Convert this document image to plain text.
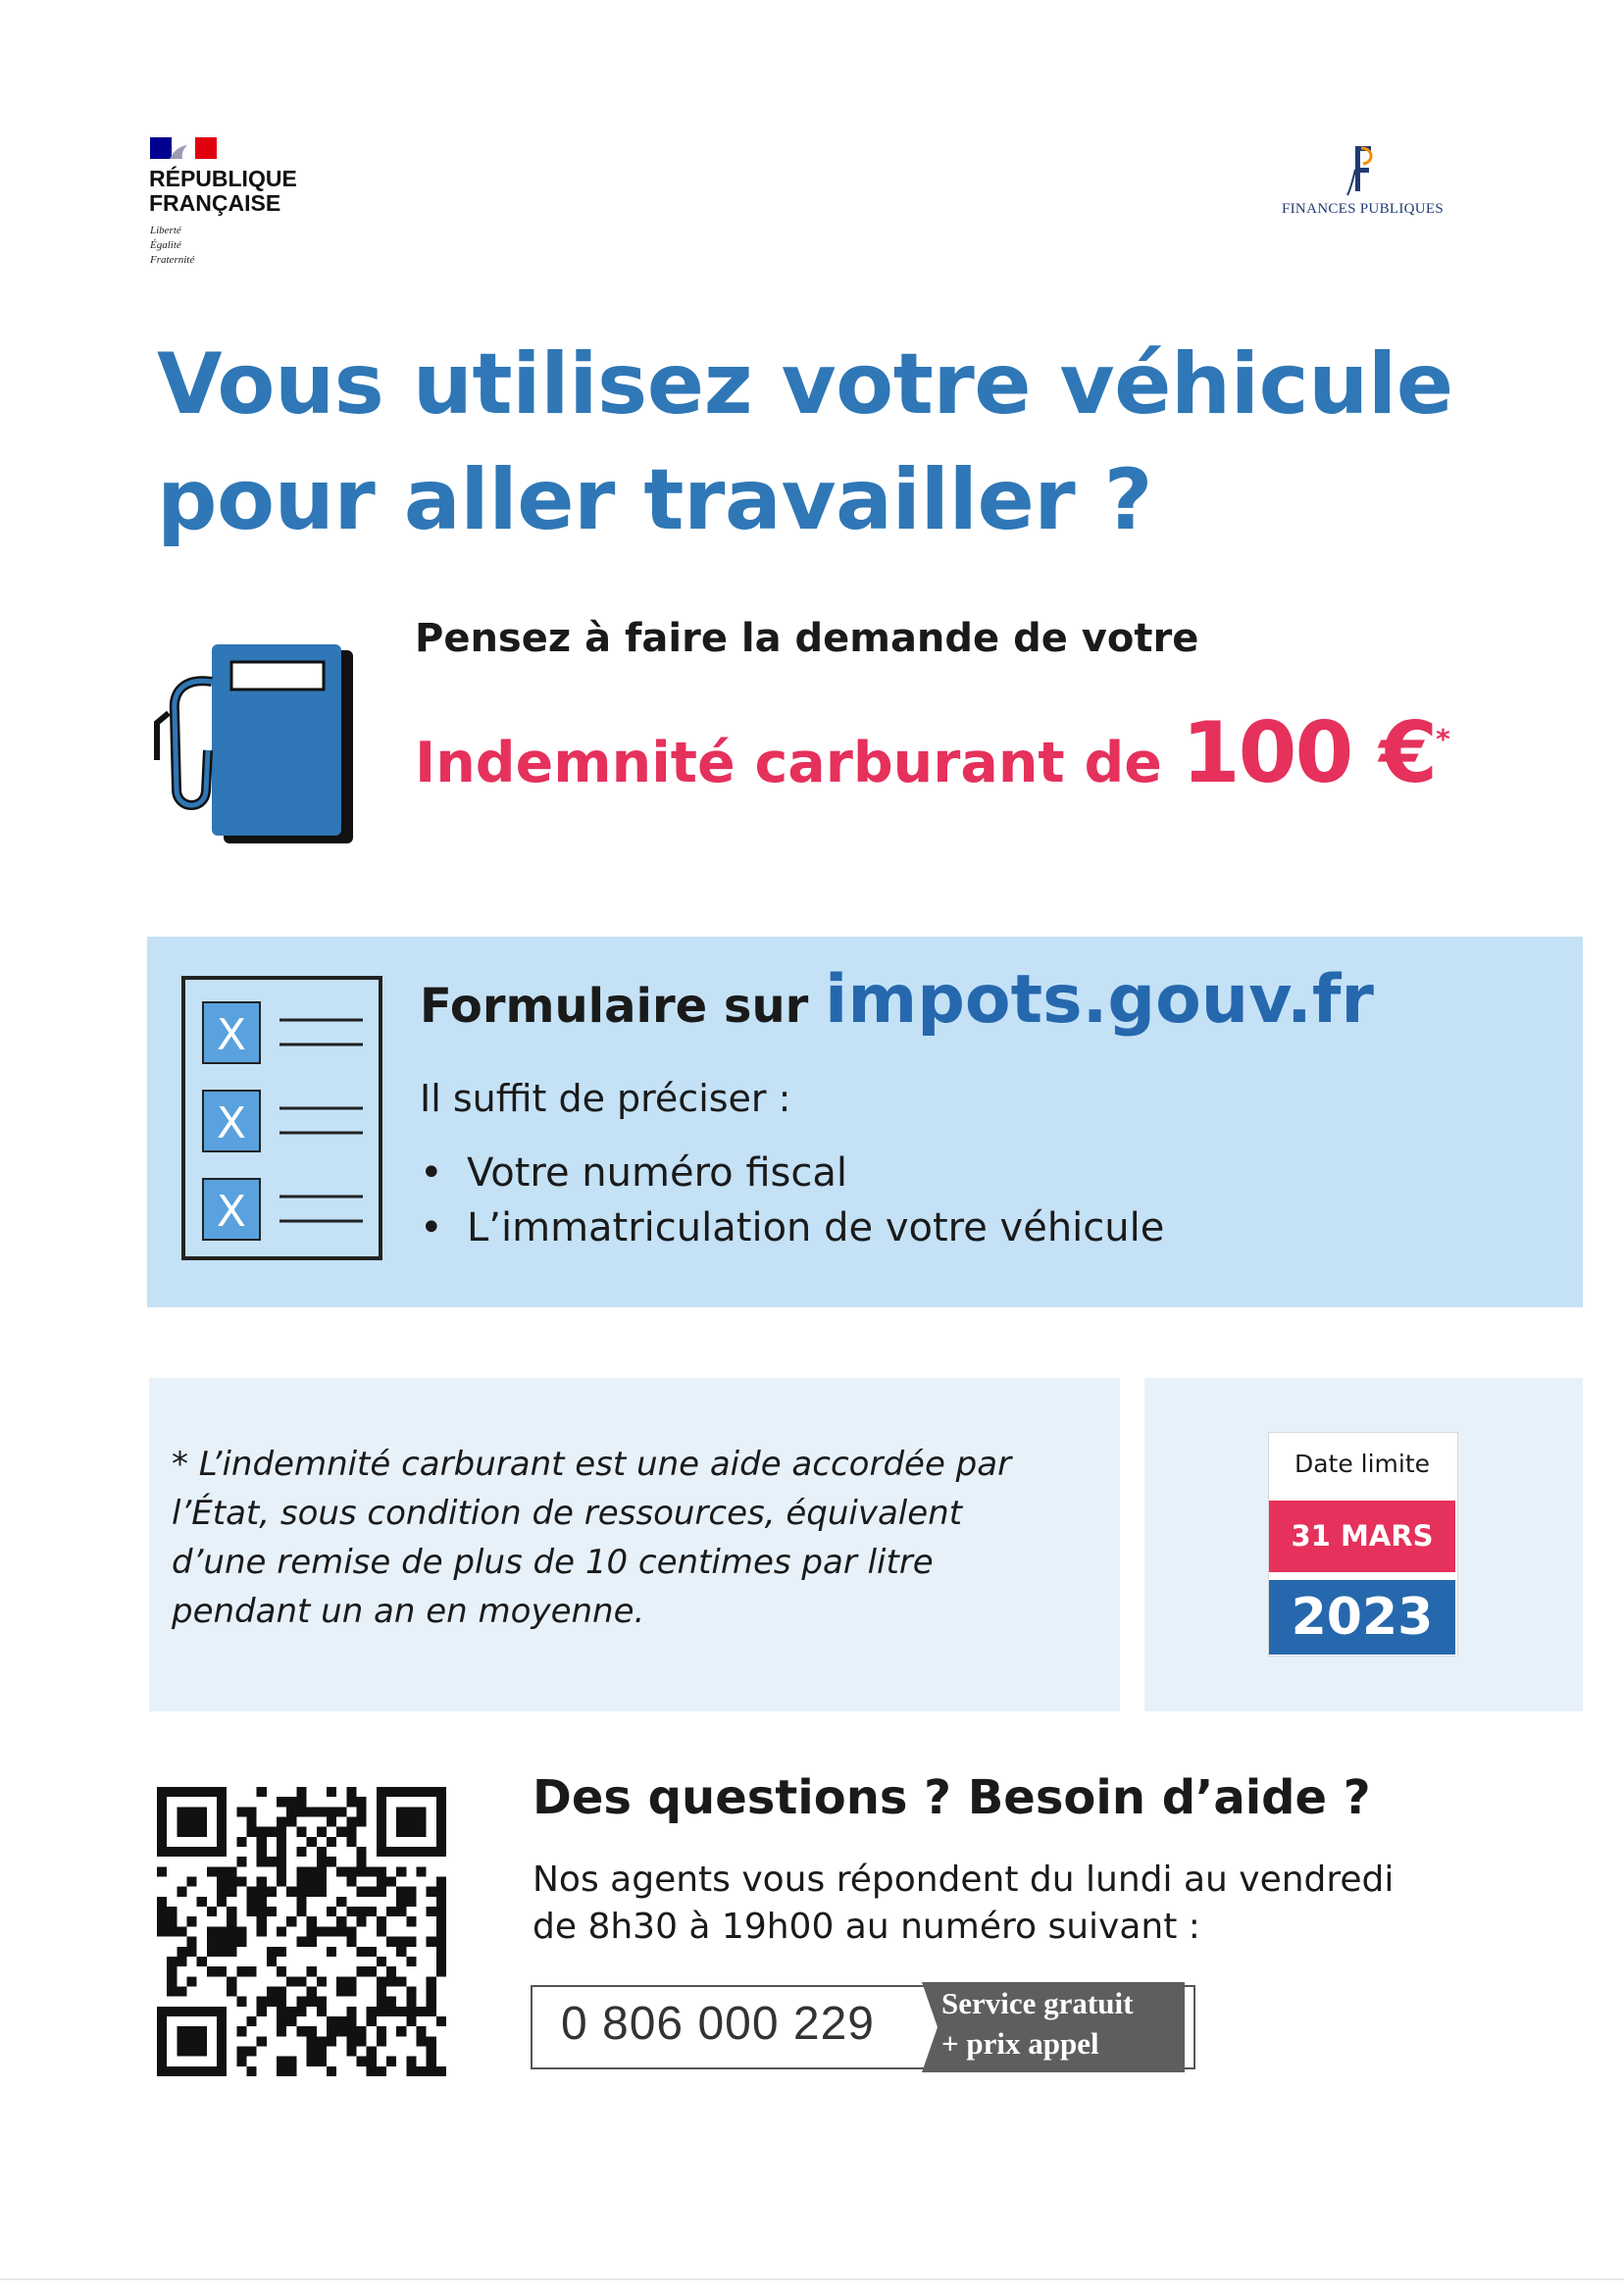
RÉPUBLIQUE
FRANÇAISE
Liberté
Égalité
Fraternité
FINANCES PUBLIQUES
Vous utilisez votre véhicule
pour aller travailler ?
Pensez à faire la demande de votre
Indemnité carburant de 100 €*
X
X
X
Formulaire sur impots.gouv.fr
Il suffit de préciser :
• Votre numéro fiscal
• L’immatriculation de votre véhicule
* L’indemnité carburant est une aide accordée par
l’État, sous condition de ressources, équivalent
d’une remise de plus de 10 centimes par litre
pendant un an en moyenne.
Date limite
31 MARS
2023
Des questions ? Besoin d’aide ?
Nos agents vous répondent du lundi au vendredi
de 8h30 à 19h00 au numéro suivant :
0 806 000 229 Service gratuit
+ prix appel
